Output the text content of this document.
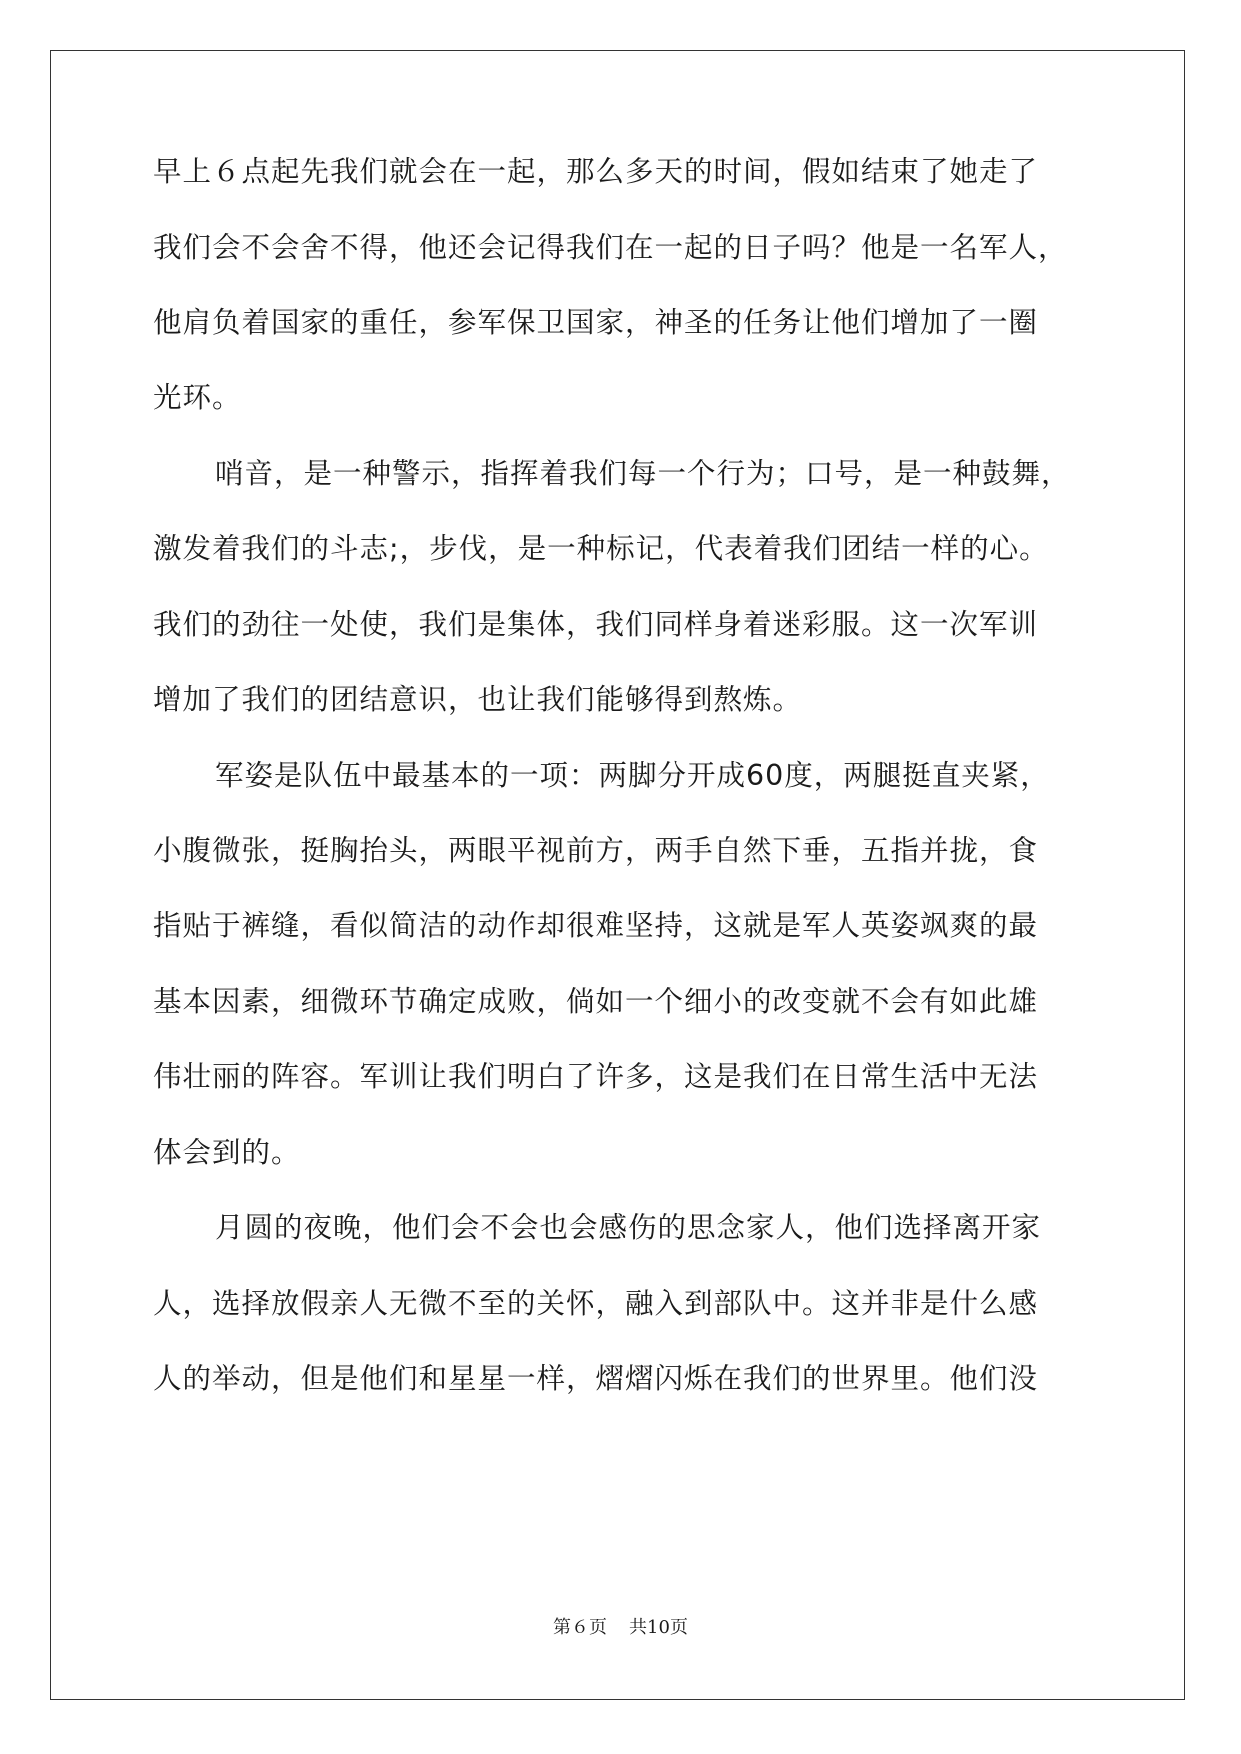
早上６点起先我们就会在一起，那么多天的时间，假如结束了她走了
我们会不会舍不得，他还会记得我们在一起的日子吗？他是一名军人，
他肩负着国家的重任，参军保卫国家，神圣的任务让他们增加了一圈
光环。
哨音，是一种警示，指挥着我们每一个行为；口号，是一种鼓舞，
激发着我们的斗志;，步伐，是一种标记，代表着我们团结一样的心。
我们的劲往一处使，我们是集体，我们同样身着迷彩服。这一次军训
增加了我们的团结意识，也让我们能够得到熬炼。
军姿是队伍中最基本的一项：两脚分开成60度，两腿挺直夹紧，
小腹微张，挺胸抬头，两眼平视前方，两手自然下垂，五指并拢，食
指贴于裤缝，看似简洁的动作却很难坚持，这就是军人英姿飒爽的最
基本因素，细微环节确定成败，倘如一个细小的改变就不会有如此雄
伟壮丽的阵容。军训让我们明白了许多，这是我们在日常生活中无法
体会到的。
月圆的夜晚，他们会不会也会感伤的思念家人，他们选择离开家
人，选择放假亲人无微不至的关怀，融入到部队中。这并非是什么感
人的举动，但是他们和星星一样，熠熠闪烁在我们的世界里。他们没
第６页 共10页
